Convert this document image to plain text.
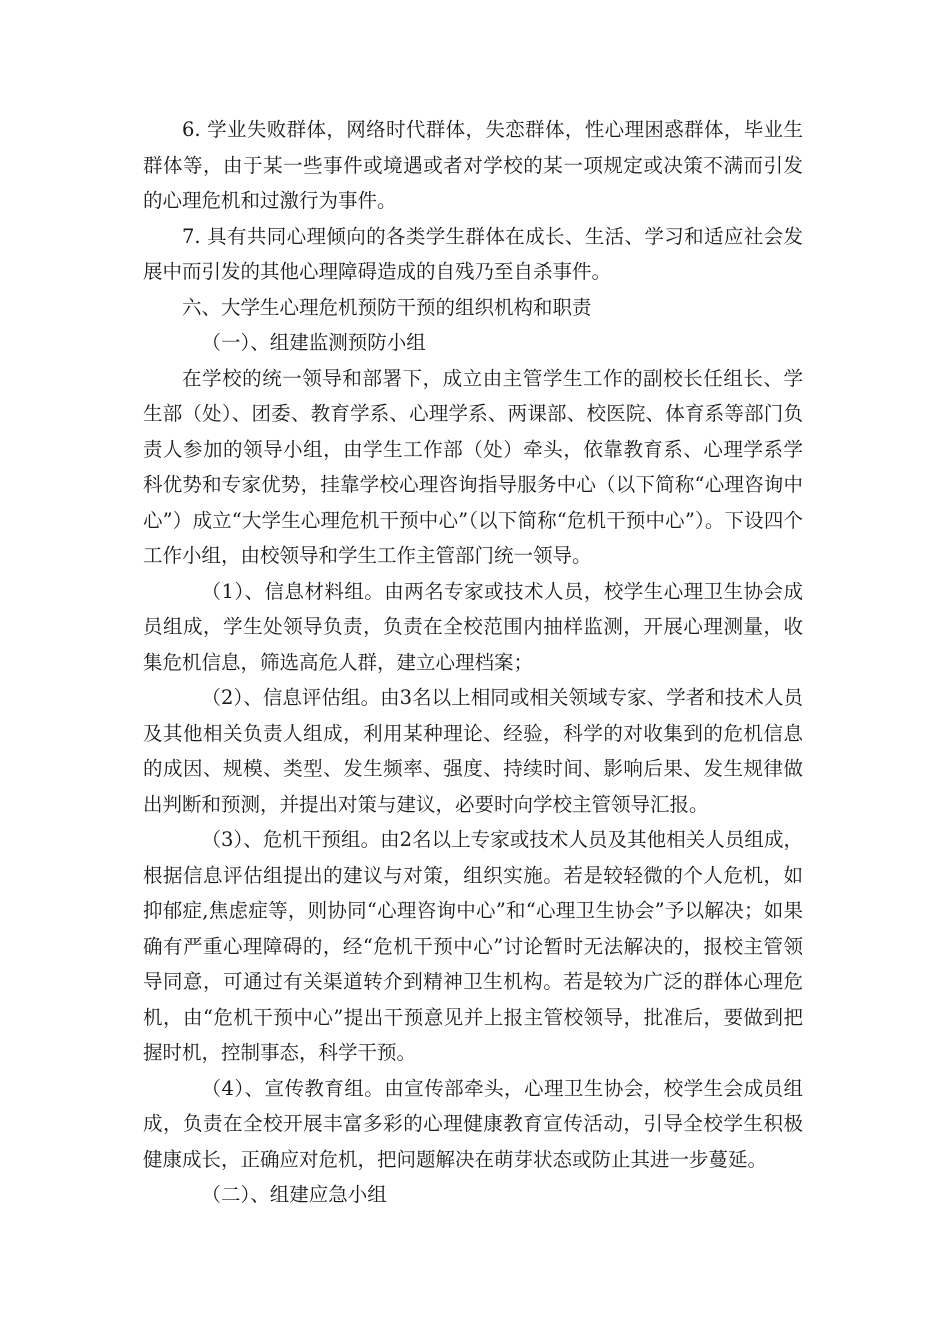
6. 学业失败群体，网络时代群体，失恋群体，性心理困惑群体，毕业生群体等，由于某一些事件或境遇或者对学校的某一项规定或决策不满而引发的心理危机和过激行为事件。

7. 具有共同心理倾向的各类学生群体在成长、生活、学习和适应社会发展中而引发的其他心理障碍造成的自残乃至自杀事件。

六、大学生心理危机预防干预的组织机构和职责

（一）、组建监测预防小组

在学校的统一领导和部署下，成立由主管学生工作的副校长任组长、学生部（处）、团委、教育学系、心理学系、两课部、校医院、体育系等部门负责人参加的领导小组，由学生工作部（处）牵头，依靠教育系、心理学系学科优势和专家优势，挂靠学校心理咨询指导服务中心（以下简称“心理咨询中心”）成立“大学生心理危机干预中心”（以下简称“危机干预中心”）。下设四个工作小组，由校领导和学生工作主管部门统一领导。

（1）、信息材料组。由两名专家或技术人员，校学生心理卫生协会成员组成，学生处领导负责，负责在全校范围内抽样监测，开展心理测量，收集危机信息，筛选高危人群，建立心理档案；

（2）、信息评估组。由3名以上相同或相关领域专家、学者和技术人员及其他相关负责人组成，利用某种理论、经验，科学的对收集到的危机信息的成因、规模、类型、发生频率、强度、持续时间、影响后果、发生规律做出判断和预测，并提出对策与建议，必要时向学校主管领导汇报。

（3）、危机干预组。由2名以上专家或技术人员及其他相关人员组成，根据信息评估组提出的建议与对策，组织实施。若是较轻微的个人危机，如抑郁症,焦虑症等，则协同“心理咨询中心”和“心理卫生协会”予以解决；如果确有严重心理障碍的，经“危机干预中心”讨论暂时无法解决的，报校主管领导同意，可通过有关渠道转介到精神卫生机构。若是较为广泛的群体心理危机，由“危机干预中心”提出干预意见并上报主管校领导，批准后，要做到把握时机，控制事态，科学干预。

（4）、宣传教育组。由宣传部牵头，心理卫生协会，校学生会成员组成，负责在全校开展丰富多彩的心理健康教育宣传活动，引导全校学生积极健康成长，正确应对危机，把问题解决在萌芽状态或防止其进一步蔓延。

（二）、组建应急小组
